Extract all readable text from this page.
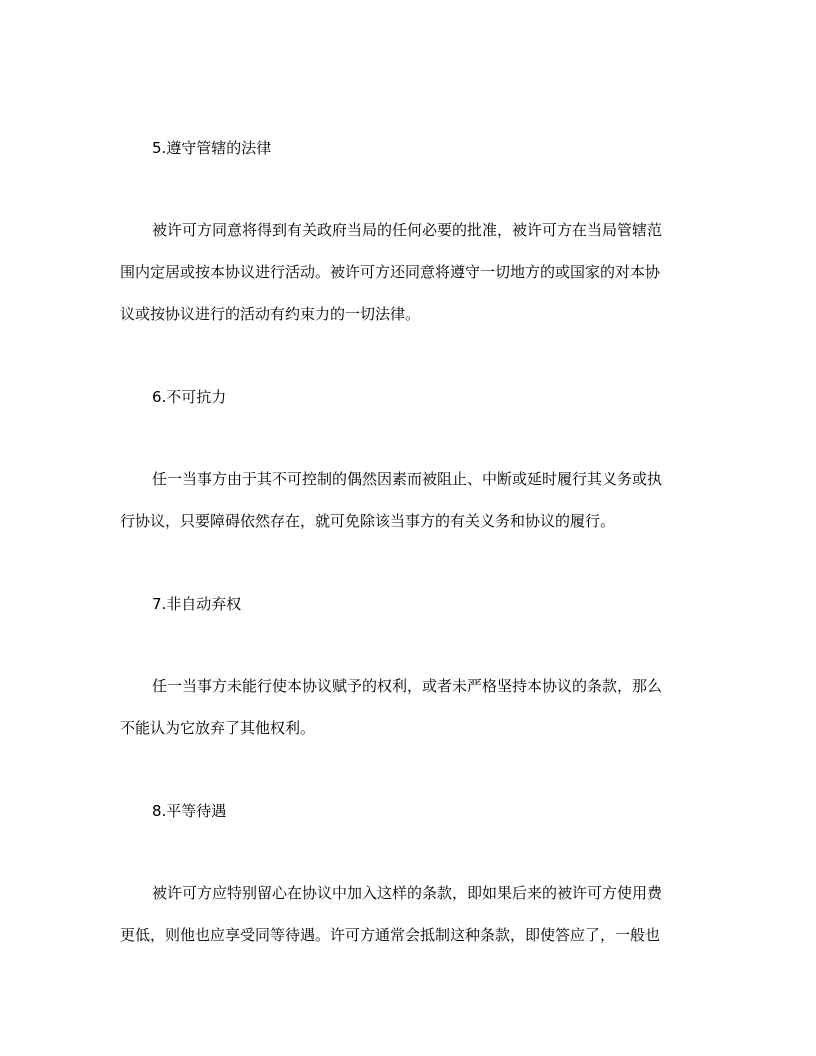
5.遵守管辖的法律
被许可方同意将得到有关政府当局的任何必要的批准，被许可方在当局管辖范
围内定居或按本协议进行活动。被许可方还同意将遵守一切地方的或国家的对本协
议或按协议进行的活动有约束力的一切法律。
6.不可抗力
任一当事方由于其不可控制的偶然因素而被阻止、中断或延时履行其义务或执
行协议，只要障碍依然存在，就可免除该当事方的有关义务和协议的履行。
7.非自动弃权
任一当事方未能行使本协议赋予的权利，或者未严格坚持本协议的条款，那么
不能认为它放弃了其他权利。
8.平等待遇
被许可方应特别留心在协议中加入这样的条款，即如果后来的被许可方使用费
更低，则他也应享受同等待遇。许可方通常会抵制这种条款，即使答应了，一般也
